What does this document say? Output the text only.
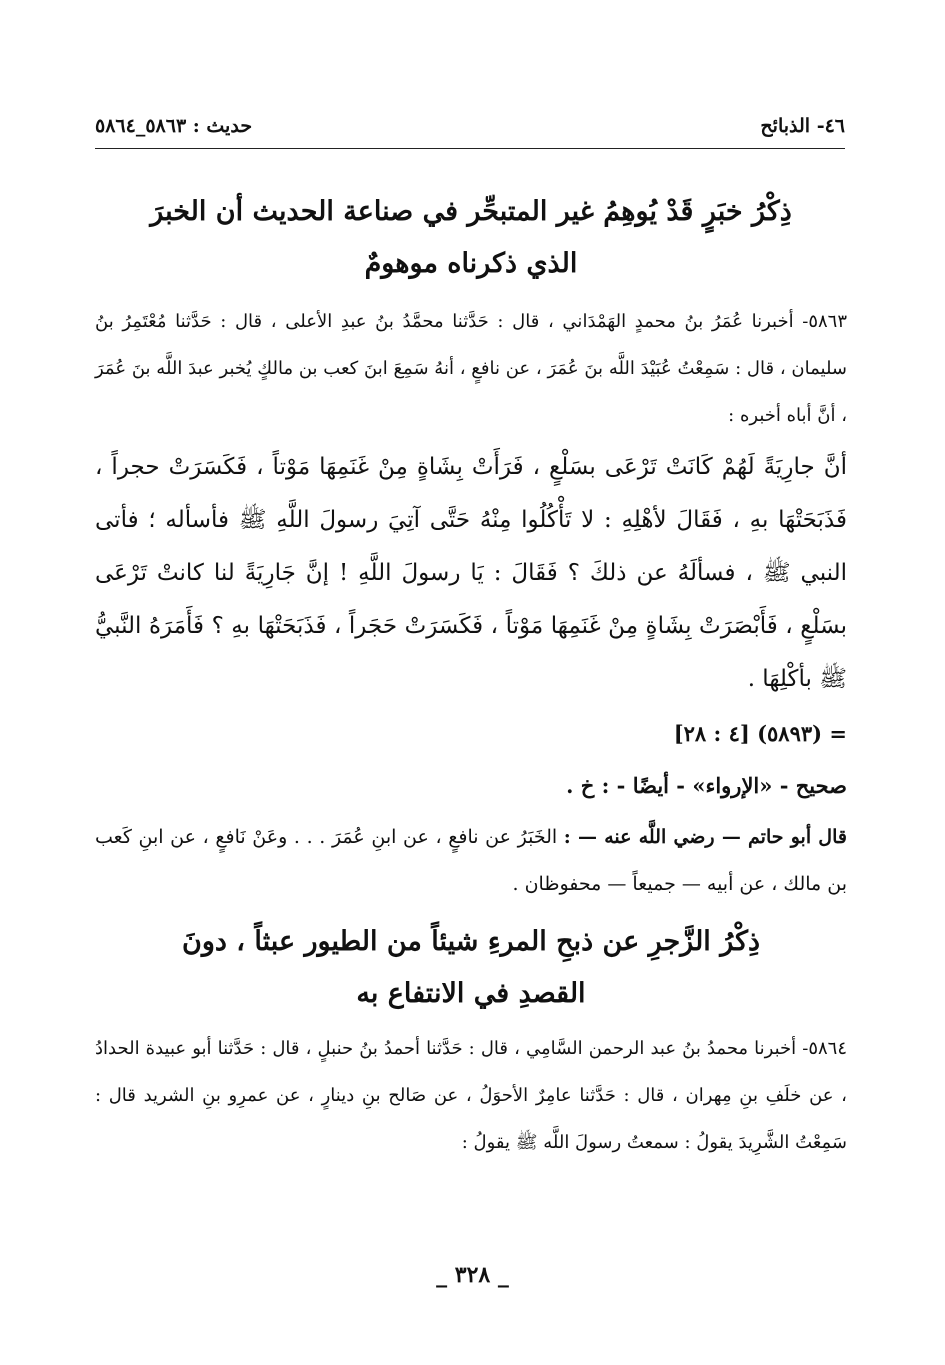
٤٦- الذبائح
حديث : ٥٨٦٣_٥٨٦٤
ذِكْرُ خبَرٍ قَدْ يُوهِمُ غير المتبحِّر في صناعة الحديث أن الخبرَ
الذي ذكرناه موهومٌ
٥٨٦٣- أخبرنا عُمَرُ بنُ محمدٍ الهَمْدَاني ، قال : حَدَّثنا محمَّدُ بنُ عبدِ الأعلى ، قال : حَدَّثنا مُعْتَمِرُ بنُ سليمان ، قال : سَمِعْتُ عُبَيْدَ اللَّه بنَ عُمَرَ ، عن نافعٍ ، أنهُ سَمِعَ ابنَ كعب بن مالكٍ يُخبر عبدَ اللَّه بنَ عُمَرَ ، أنَّ أباه أخبره :
أنَّ جارِيَةً لَهُمْ كَانَتْ تَرْعَى بسَلْعٍ ، فَرَأَتْ بِشَاةٍ مِنْ غَنَمِهَا مَوْتاً ، فَكَسَرَتْ حجراً ، فَذَبَحَتْهَا بهِ ، فَقَالَ لأهْلِهِ : لا تَأْكُلُوا مِنْهُ حَتَّى آتِيَ رسولَ اللَّهِ ﷺ فأسأله ؛ فأتى النبي ﷺ ، فسألَهُ عن ذلكَ ؟ فَقَالَ : يَا رسولَ اللَّهِ ! إنَّ جَارِيَةً لنا كانتْ تَرْعَى بسَلْعٍ ، فَأَبْصَرَتْ بِشَاةٍ مِنْ غَنَمِهَا مَوْتاً ، فَكَسَرَتْ حَجَراً ، فَذَبَحَتْهَا بهِ ؟ فَأَمَرَهُ النَّبيُّ ﷺ بأكْلِهَا .
= (٥٨٩٣) [٤ : ٢٨]
صحيح - «الإرواء» - أيضًا - : خ .
قال أبو حاتم — رضي اللَّه عنه — : الخَبَرُ عن نافعٍ ، عن ابنِ عُمَرَ . . . وعَنْ نَافعٍ ، عن ابنِ كَعب بن مالك ، عن أبيه — جميعاً — محفوظان .
ذِكْرُ الزَّجرِ عن ذبحِ المرءِ شيئاً من الطيور عبثاً ، دونَ
القصدِ في الانتفاع به
٥٨٦٤- أخبرنا محمدُ بنُ عبد الرحمن السَّامِي ، قال : حَدَّثنا أحمدُ بنُ حنبلٍ ، قال : حَدَّثنا أبو عبيدة الحدادُ ، عن خلَفِ بنِ مِهران ، قال : حَدَّثنا عامِرٌ الأحوَلُ ، عن صَالح بنِ دينارٍ ، عن عمرِو بنِ الشريد قال : سَمِعْتُ الشَّرِيدَ يقولُ : سمعتُ رسولَ اللَّه ﷺ يقولُ :
_ ٣٢٨ _
